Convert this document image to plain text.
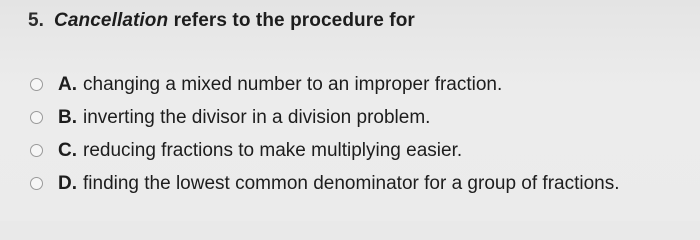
5. Cancellation refers to the procedure for
A. changing a mixed number to an improper fraction.
B. inverting the divisor in a division problem.
C. reducing fractions to make multiplying easier.
D. finding the lowest common denominator for a group of fractions.
